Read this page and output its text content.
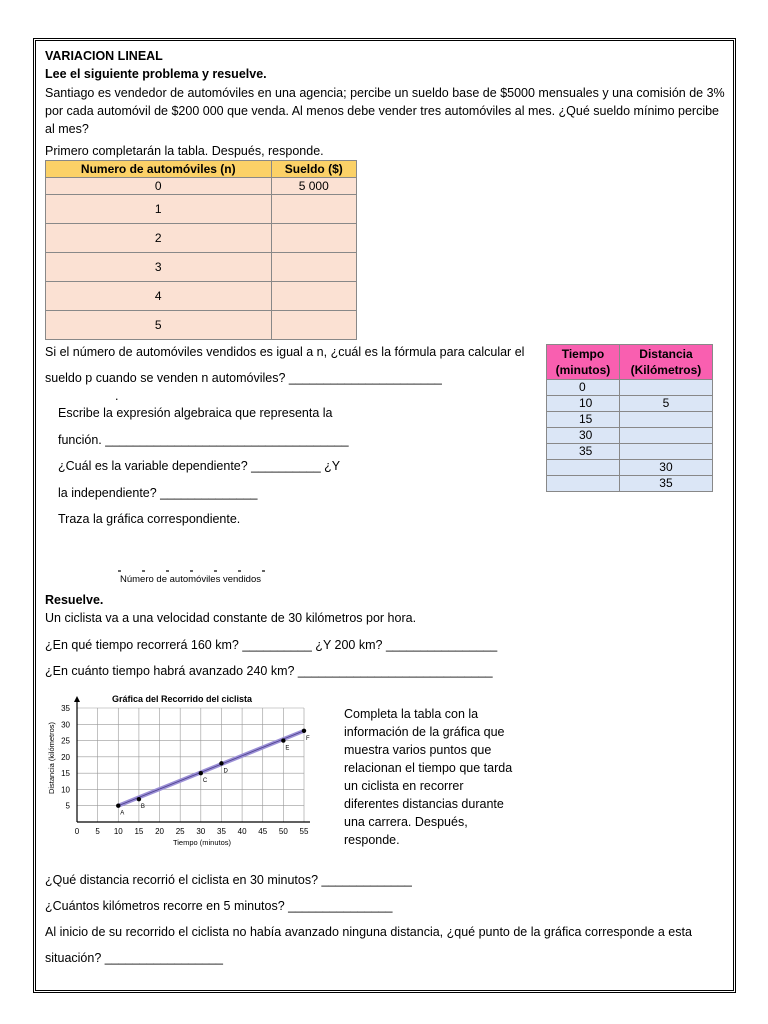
VARIACION LINEAL
Lee el siguiente problema y resuelve.
Santiago es vendedor de automóviles en una agencia; percibe un sueldo base de $5000 mensuales y una comisión de 3% por cada automóvil de $200 000 que venda. Al menos debe vender tres automóviles al mes. ¿Qué sueldo mínimo percibe al mes?
Primero completarán la tabla. Después, responde.
Numero de automóviles (n)	Sueldo ($)
0	5 000
1	
2	
3	
4	
5	
Si el número de automóviles vendidos es igual a n, ¿cuál es la fórmula para calcular el
sueldo p cuando se venden n automóviles? ______________________
.
Escribe la expresión algebraica que representa la
función. ___________________________________
¿Cuál es la variable dependiente? __________ ¿Y
la independiente? ______________
Traza la gráfica correspondiente.
Número de automóviles vendidos
Tiempo (minutos)	Distancia (Kilómetros)
0	
10	5
15	
30	
35	
	30
	35
Resuelve.
Un ciclista va a una velocidad constante de 30 kilómetros por hora.
¿En qué tiempo recorrerá 160 km? __________ ¿Y 200 km? ________________
¿En cuánto tiempo habrá avanzado 240 km? ____________________________
Gráfica del Recorrido del ciclista
0 5 10 15 20 25 30 35 40 45 50 55
5
10
15
20
25
30
35
A
B
C
D
E
F
Tiempo (minutos)
Distancia (kilómetros)
Completa la tabla con la información de la gráfica que muestra varios puntos que relacionan el tiempo que tarda un ciclista en recorrer diferentes distancias durante una carrera. Después, responde.
¿Qué distancia recorrió el ciclista en 30 minutos? _____________
¿Cuántos kilómetros recorre en 5 minutos? _______________
Al inicio de su recorrido el ciclista no había avanzado ninguna distancia, ¿qué punto de la gráfica corresponde a esta
situación? _________________
